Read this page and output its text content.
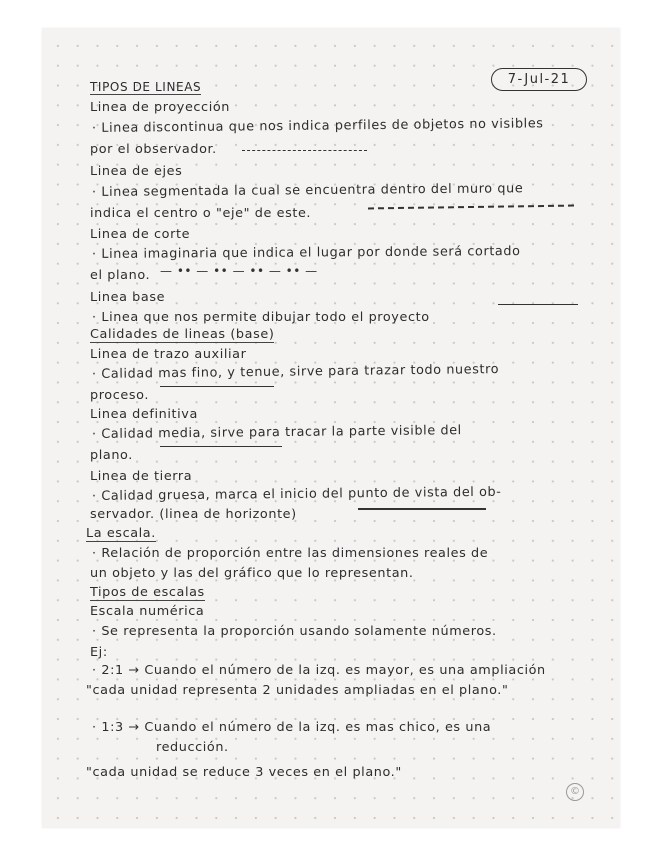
7-Jul-21
TIPOS DE LINEAS
Linea de proyección
· Linea discontinua que nos indica perfiles de objetos no visibles
por el observador.
Linea de ejes
· Linea segmentada la cual se encuentra dentro del muro que
indica el centro o "eje" de este.
Linea de corte
· Linea imaginaria que indica el lugar por donde será cortado
el plano. — •• — •• — •• — •• —
Linea base
· Linea que nos permite dibujar todo el proyecto
Calidades de lineas (base)
Linea de trazo auxiliar
· Calidad mas fino, y tenue, sirve para trazar todo nuestro
proceso.
Linea definitiva
· Calidad media, sirve para tracar la parte visible del
plano.
Linea de tierra
· Calidad gruesa, marca el inicio del punto de vista del ob-
servador. (linea de horizonte)
La escala.
· Relación de proporción entre las dimensiones reales de
un objeto y las del gráfico que lo representan.
Tipos de escalas
Escala numérica
· Se representa la proporción usando solamente números.
Ej:
· 2:1 → Cuando el número de la izq. es mayor, es una ampliación
"cada unidad representa 2 unidades ampliadas en el plano."
· 1:3 → Cuando el número de la izq. es mas chico, es una
reducción.
"cada unidad se reduce 3 veces en el plano."
©
